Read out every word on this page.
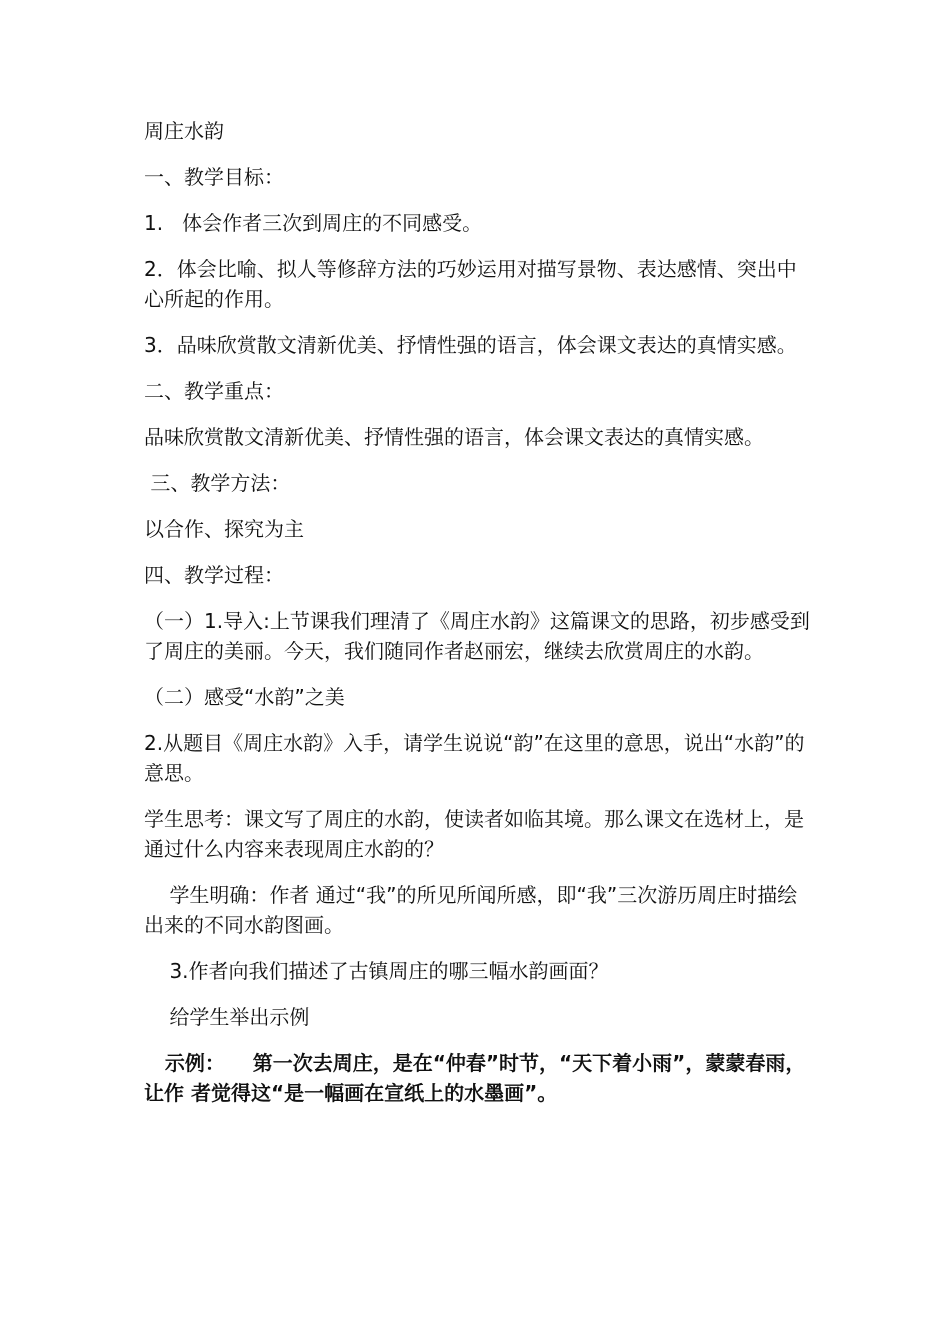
周庄水韵

一、教学目标：

1.   体会作者三次到周庄的不同感受。

2．体会比喻、拟人等修辞方法的巧妙运用对描写景物、表达感情、突出中心所起的作用。

3．品味欣赏散文清新优美、抒情性强的语言，体会课文表达的真情实感。

二、教学重点：

品味欣赏散文清新优美、抒情性强的语言，体会课文表达的真情实感。

三、教学方法：

以合作、探究为主

四、教学过程：

（一）1.导入:上节课我们理清了《周庄水韵》这篇课文的思路，初步感受到了周庄的美丽。今天，我们随同作者赵丽宏，继续去欣赏周庄的水韵。

（二）感受“水韵”之美

2.从题目《周庄水韵》入手，请学生说说“韵”在这里的意思，说出“水韵”的意思。

学生思考：课文写了周庄的水韵，使读者如临其境。那么课文在选材上，是通过什么内容来表现周庄水韵的？

学生明确：作者 通过“我”的所见所闻所感，即“我”三次游历周庄时描绘出来的不同水韵图画。

3.作者向我们描述了古镇周庄的哪三幅水韵画面？

给学生举出示例

示例：    第一次去周庄，是在“仲春”时节，“天下着小雨”，蒙蒙春雨，让作 者觉得这“是一幅画在宣纸上的水墨画”。
